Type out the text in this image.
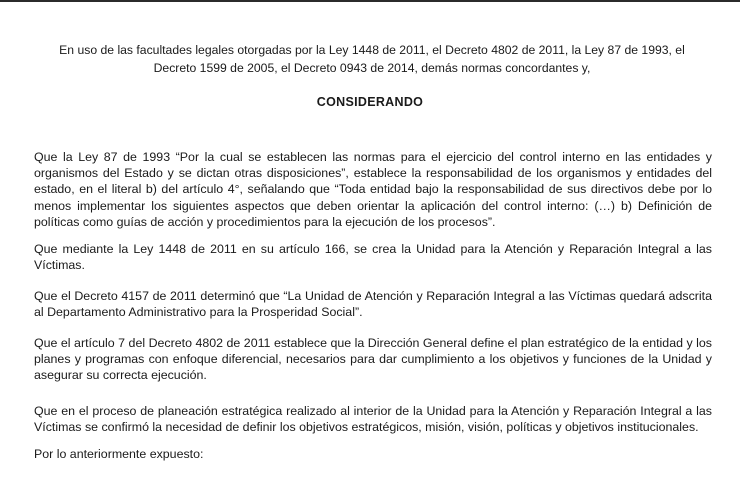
En uso de las facultades legales otorgadas por la Ley 1448 de 2011, el Decreto 4802 de 2011, la Ley 87 de 1993, el Decreto 1599 de 2005, el Decreto 0943 de 2014, demás normas concordantes y,

CONSIDERANDO

Que la Ley 87 de 1993 “Por la cual se establecen las normas para el ejercicio del control interno en las entidades y organismos del Estado y se dictan otras disposiciones”, establece la responsabilidad de los organismos y entidades del estado, en el literal b) del artículo 4°, señalando que “Toda entidad bajo la responsabilidad de sus directivos debe por lo menos implementar los siguientes aspectos que deben orientar la aplicación del control interno: (…) b) Definición de políticas como guías de acción y procedimientos para la ejecución de los procesos”.

Que mediante la Ley 1448 de 2011 en su artículo 166, se crea la Unidad para la Atención y Reparación Integral a las Víctimas.

Que el Decreto 4157 de 2011 determinó que “La Unidad de Atención y Reparación Integral a las Víctimas quedará adscrita al Departamento Administrativo para la Prosperidad Social”.

Que el artículo 7 del Decreto 4802 de 2011 establece que la Dirección General define el plan estratégico de la entidad y los planes y programas con enfoque diferencial, necesarios para dar cumplimiento a los objetivos y funciones de la Unidad y asegurar su correcta ejecución.

Que en el proceso de planeación estratégica realizado al interior de la Unidad para la Atención y Reparación Integral a las Víctimas se confirmó la necesidad de definir los objetivos estratégicos, misión, visión, políticas y objetivos institucionales.

Por lo anteriormente expuesto:
